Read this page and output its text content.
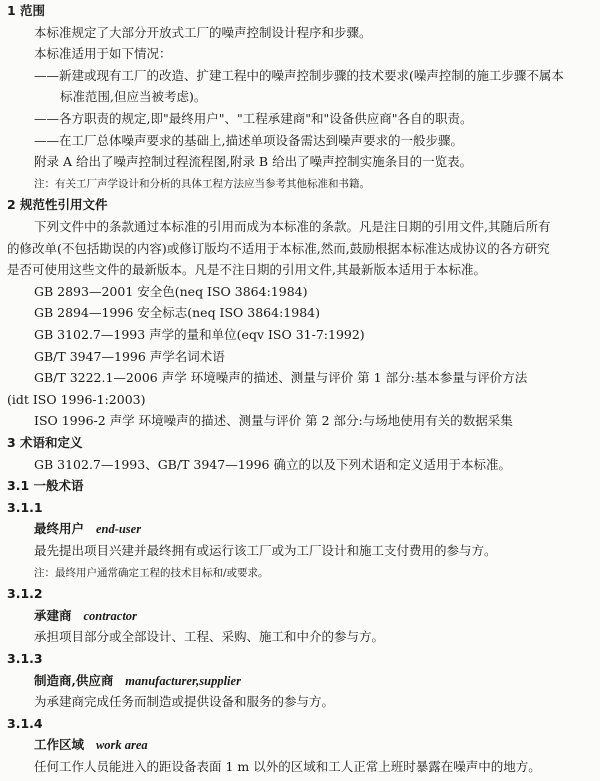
1 范围
本标准规定了大部分开放式工厂的噪声控制设计程序和步骤。
本标准适用于如下情况：
——新建或现有工厂的改造、扩建工程中的噪声控制步骤的技术要求(噪声控制的施工步骤不属本
标准范围,但应当被考虑)。
——各方职责的规定,即"最终用户"、"工程承建商"和"设备供应商"各自的职责。
——在工厂总体噪声要求的基础上,描述单项设备需达到噪声要求的一般步骤。
附录 A 给出了噪声控制过程流程图,附录 B 给出了噪声控制实施条目的一览表。
注：有关工厂声学设计和分析的具体工程方法应当参考其他标准和书籍。
2 规范性引用文件
下列文件中的条款通过本标准的引用而成为本标准的条款。凡是注日期的引用文件,其随后所有
的修改单(不包括勘误的内容)或修订版均不适用于本标准,然而,鼓励根据本标准达成协议的各方研究
是否可使用这些文件的最新版本。凡是不注日期的引用文件,其最新版本适用于本标准。
GB 2893—2001 安全色(neq ISO 3864:1984)
GB 2894—1996 安全标志(neq ISO 3864:1984)
GB 3102.7—1993 声学的量和单位(eqv ISO 31-7:1992)
GB/T 3947—1996 声学名词术语
GB/T 3222.1—2006 声学 环境噪声的描述、测量与评价 第 1 部分:基本参量与评价方法
(idt ISO 1996-1:2003)
ISO 1996-2 声学 环境噪声的描述、测量与评价 第 2 部分:与场地使用有关的数据采集
3 术语和定义
GB 3102.7—1993、GB/T 3947—1996 确立的以及下列术语和定义适用于本标准。
3.1 一般术语
3.1.1
最终用户 end-user
最先提出项目兴建并最终拥有或运行该工厂或为工厂设计和施工支付费用的参与方。
注：最终用户通常确定工程的技术目标和/或要求。
3.1.2
承建商 contractor
承担项目部分或全部设计、工程、采购、施工和中介的参与方。
3.1.3
制造商,供应商 manufacturer,supplier
为承建商完成任务而制造或提供设备和服务的参与方。
3.1.4
工作区域 work area
任何工作人员能进入的距设备表面 1 m 以外的区域和工人正常上班时暴露在噪声中的地方。
